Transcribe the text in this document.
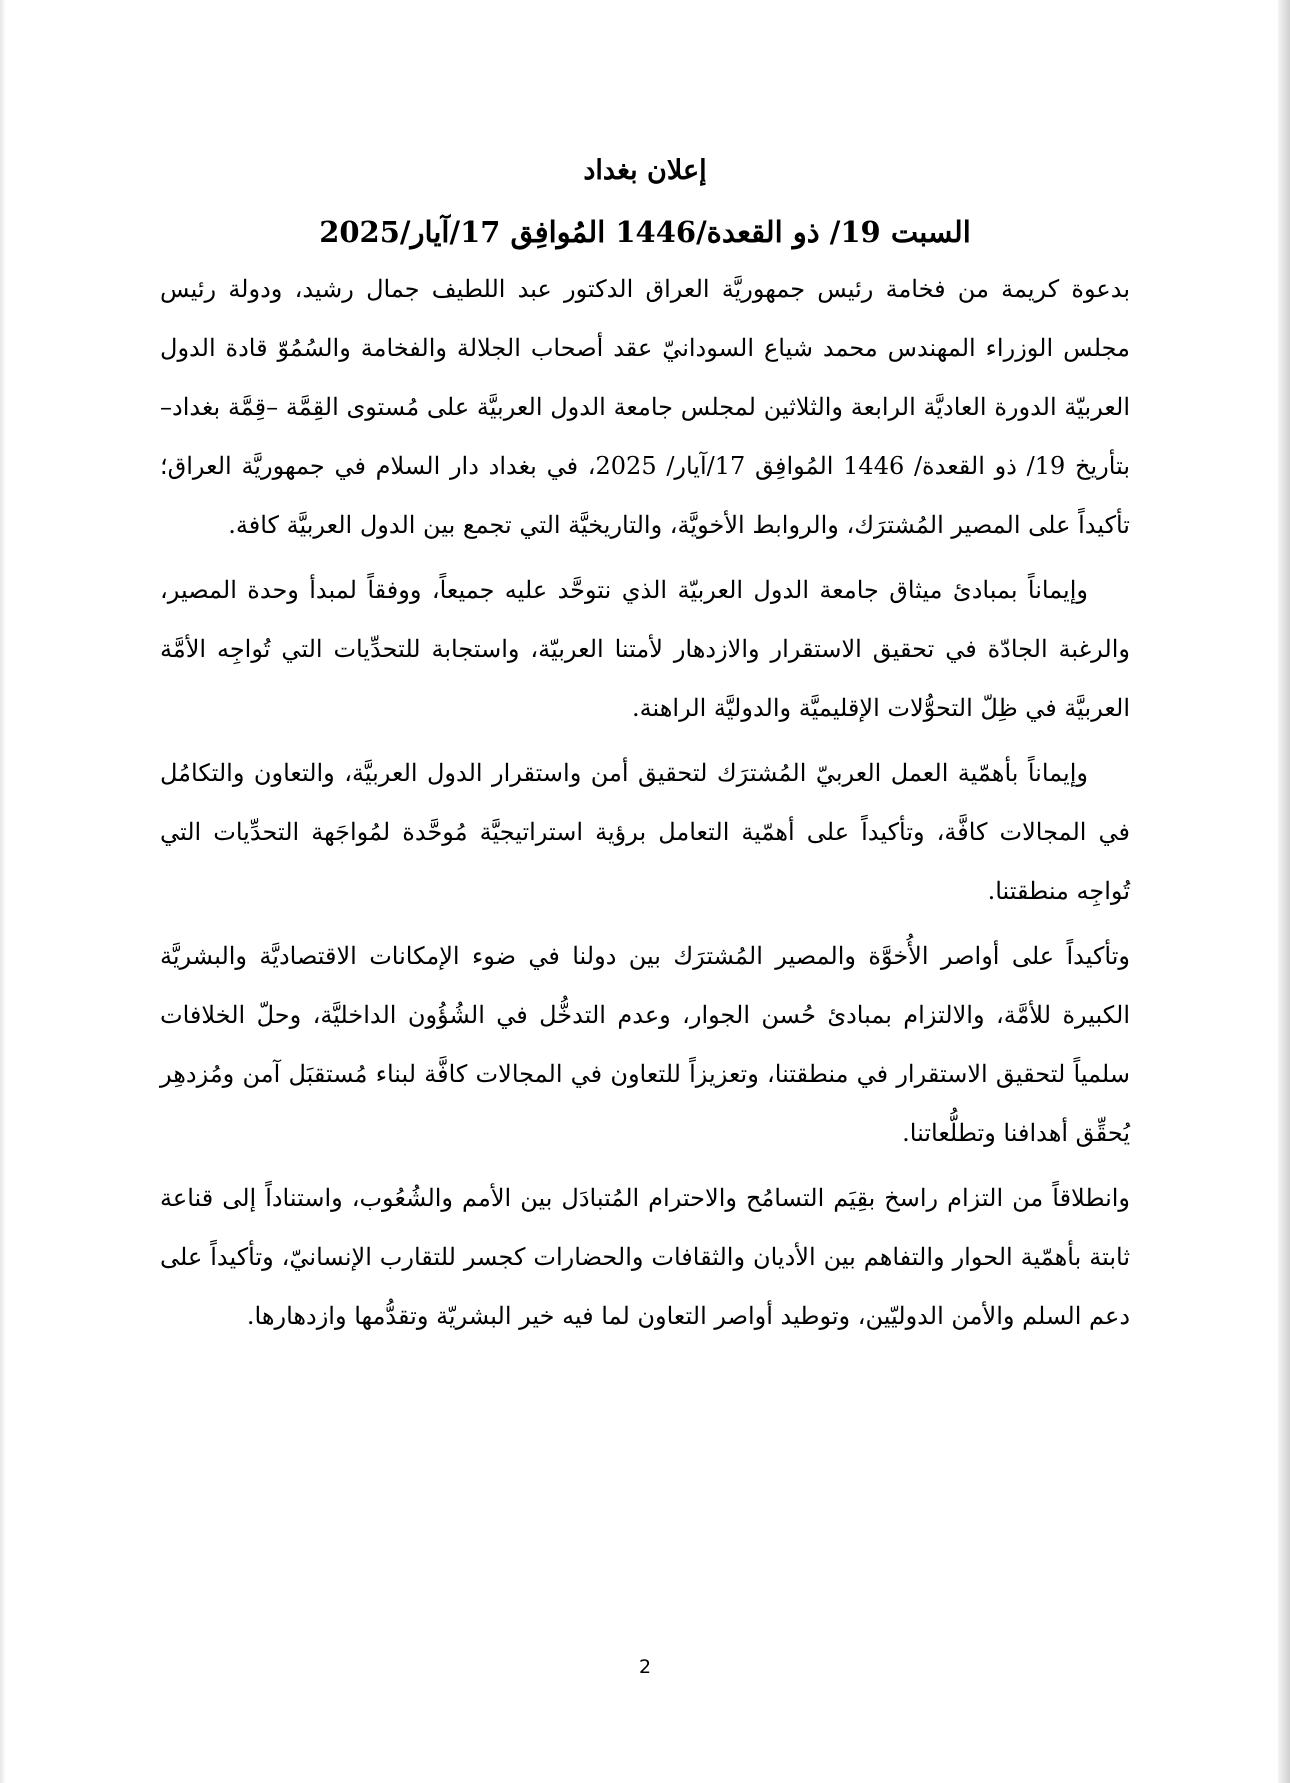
إعلان بغداد
السبت 19/ ذو القعدة/1446 المُوافِق 17/آيار/2025

بدعوة كريمة من فخامة رئيس جمهوريَّة العراق الدكتور عبد اللطيف جمال رشيد، ودولة رئيس مجلس الوزراء المهندس محمد شياع السودانيّ عقد أصحاب الجلالة والفخامة والسُمُوّ قادة الدول العربيّة الدورة العاديَّة الرابعة والثلاثين لمجلس جامعة الدول العربيَّة على مُستوى القِمَّة –قِمَّة بغداد– بتأريخ 19/ ذو القعدة/ 1446 المُوافِق 17/آيار/ 2025، في بغداد دار السلام في جمهوريَّة العراق؛ تأكيداً على المصير المُشترَك، والروابط الأخويَّة، والتاريخيَّة التي تجمع بين الدول العربيَّة كافة.

وإيماناً بمبادئ ميثاق جامعة الدول العربيّة الذي نتوحَّد عليه جميعاً، ووفقاً لمبدأ وحدة المصير، والرغبة الجادّة في تحقيق الاستقرار والازدهار لأمتنا العربيّة، واستجابة للتحدِّيات التي تُواجِه الأمَّة العربيَّة في ظِلّ التحوُّلات الإقليميَّة والدوليَّة الراهنة.

وإيماناً بأهمّية العمل العربيّ المُشترَك لتحقيق أمن واستقرار الدول العربيَّة، والتعاون والتكامُل في المجالات كافَّة، وتأكيداً على أهمّية التعامل برؤية استراتيجيَّة مُوحَّدة لمُواجَهة التحدِّيات التي تُواجِه منطقتنا.

وتأكيداً على أواصر الأُخوَّة والمصير المُشترَك بين دولنا في ضوء الإمكانات الاقتصاديَّة والبشريَّة الكبيرة للأمَّة، والالتزام بمبادئ حُسن الجوار، وعدم التدخُّل في الشُؤُون الداخليَّة، وحلّ الخلافات سلمياً لتحقيق الاستقرار في منطقتنا، وتعزيزاً للتعاون في المجالات كافَّة لبناء مُستقبَل آمن ومُزدهِر يُحقِّق أهدافنا وتطلُّعاتنا.

وانطلاقاً من التزام راسخ بقِيَم التسامُح والاحترام المُتبادَل بين الأمم والشُعُوب، واستناداً إلى قناعة ثابتة بأهمّية الحوار والتفاهم بين الأديان والثقافات والحضارات كجسر للتقارب الإنسانيّ، وتأكيداً على دعم السلم والأمن الدوليّين، وتوطيد أواصر التعاون لما فيه خير البشريّة وتقدُّمها وازدهارها.

2
